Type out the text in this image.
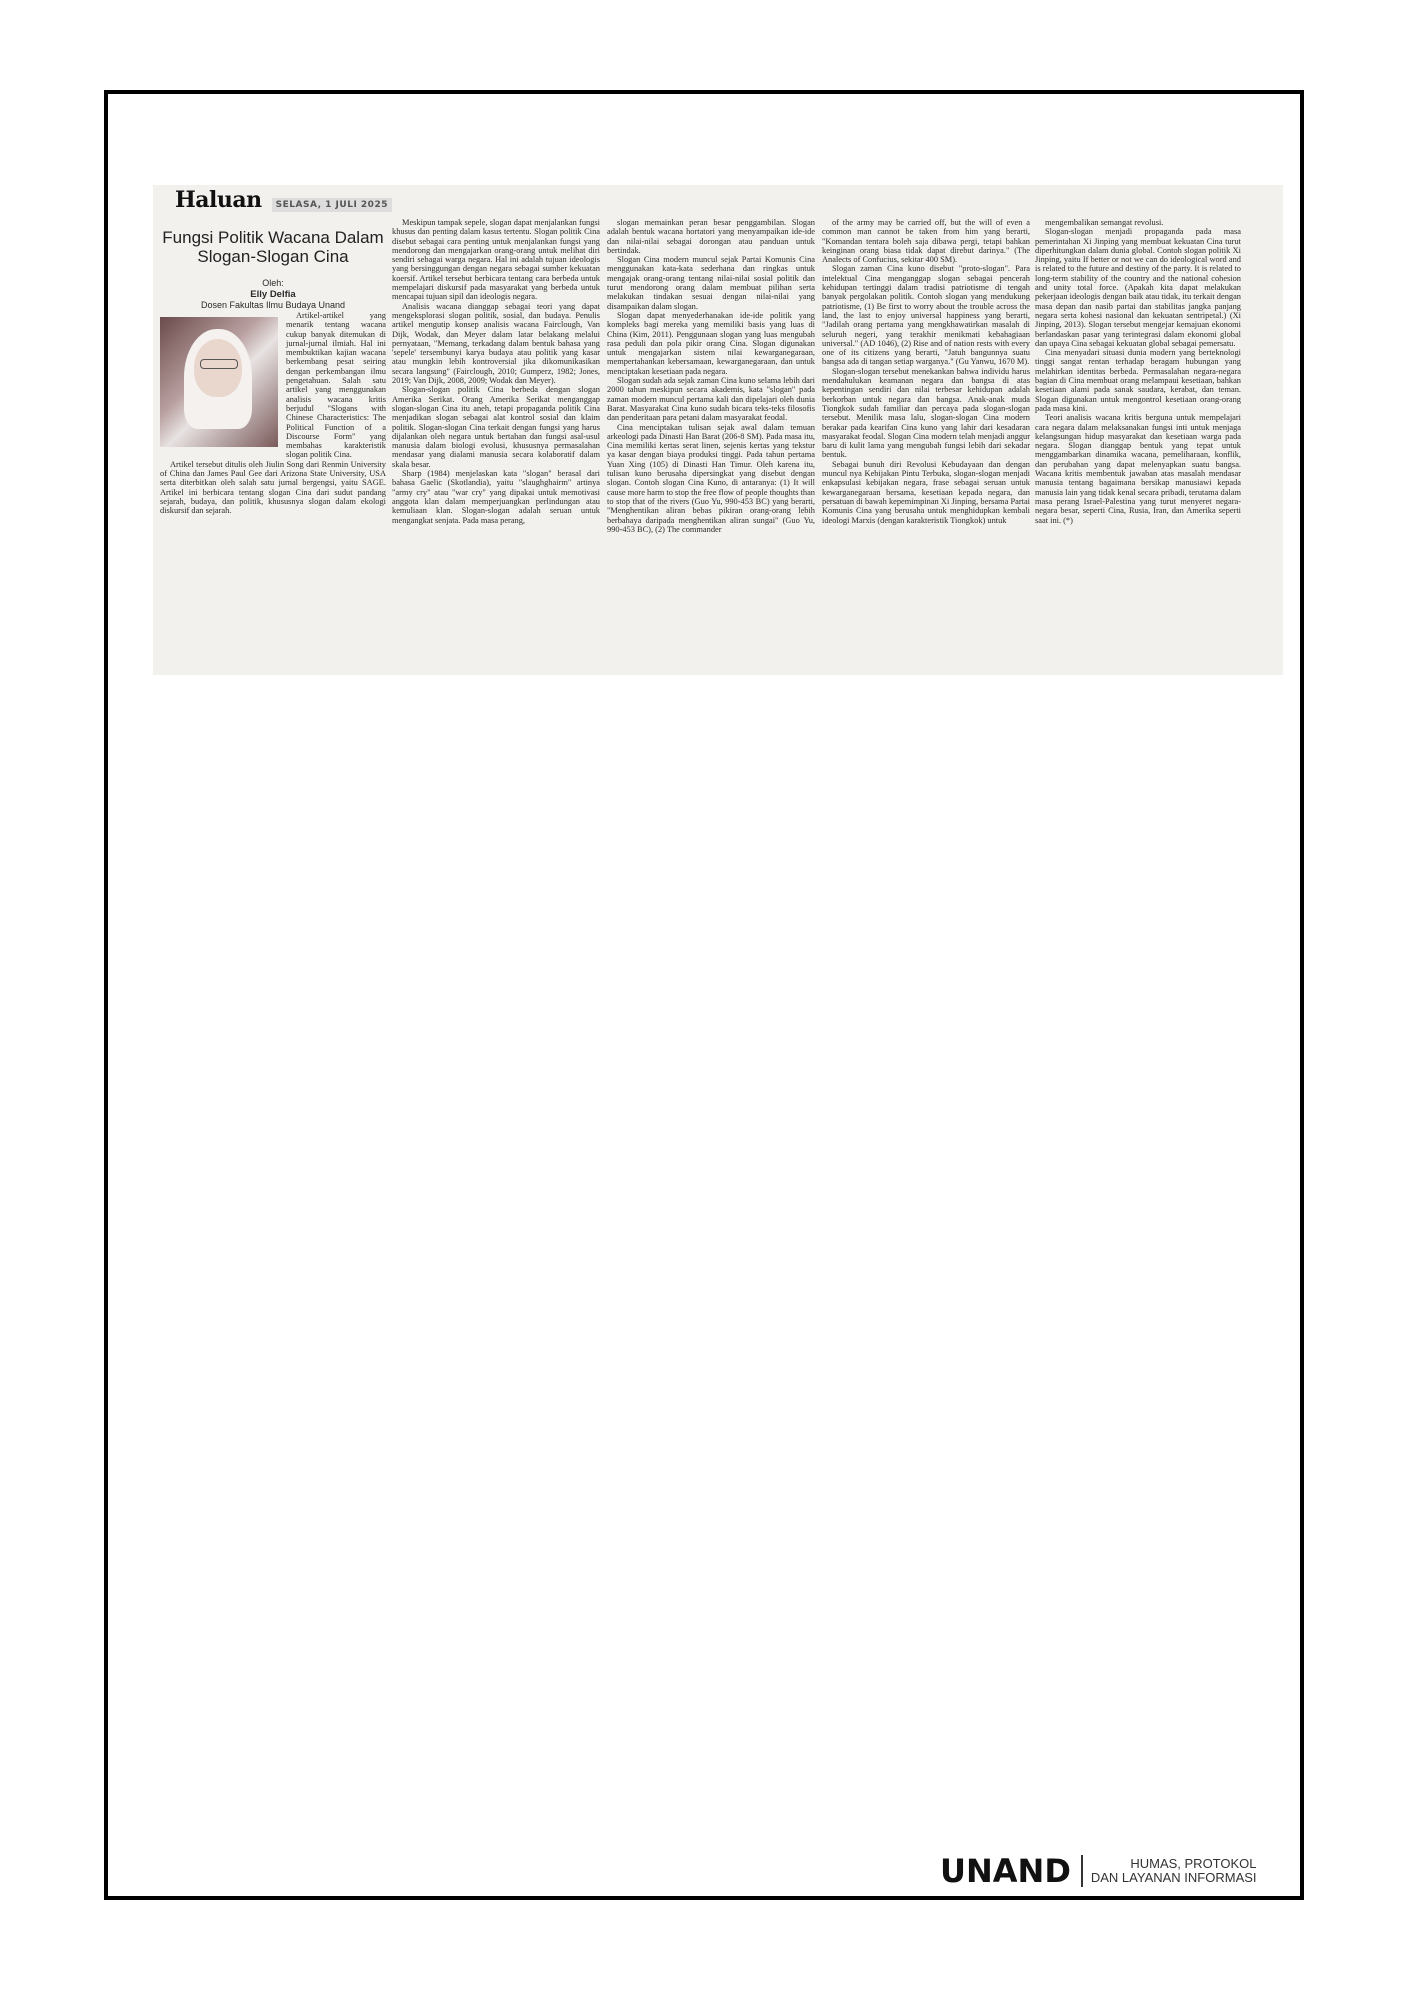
Haluan	SELASA, 1 JULI 2025
Fungsi Politik Wacana Dalam Slogan-Slogan Cina
Oleh:
Elly Delfia
Dosen Fakultas Ilmu Budaya Unand

Artikel-artikel yang menarik tentang wacana cukup banyak ditemukan di jurnal-jurnal ilmiah. Hal ini membuktikan kajian wacana berkembang pesat seiring dengan perkembangan ilmu pengetahuan. Salah satu artikel yang menggunakan analisis wacana kritis berjudul "Slogans with Chinese Characteristics: The Political Function of a Discourse Form" yang membahas karakteristik slogan politik Cina.

Artikel tersebut ditulis oleh Jiulin Song dari Renmin University of China dan James Paul Gee dari Arizona State University, USA serta diterbitkan oleh salah satu jurnal bergengsi, yaitu SAGE. Artikel ini berbicara tentang slogan Cina dari sudut pandang sejarah, budaya, dan politik, khususnya slogan dalam ekologi diskursif dan sejarah.

Meskipun tampak sepele, slogan dapat menjalankan fungsi khusus dan penting dalam kasus tertentu. Slogan politik Cina disebut sebagai cara penting untuk menjalankan fungsi yang mendorong dan mengajarkan orang-orang untuk melihat diri sendiri sebagai warga negara. Hal ini adalah tujuan ideologis yang bersinggungan dengan negara sebagai sumber kekuatan koersif. Artikel tersebut berbicara tentang cara berbeda untuk mempelajari diskursif pada masyarakat yang berbeda untuk mencapai tujuan sipil dan ideologis negara.

Analisis wacana dianggap sebagai teori yang dapat mengeksplorasi slogan politik, sosial, dan budaya. Penulis artikel mengutip konsep analisis wacana Fairclough, Van Dijk, Wodak, dan Meyer dalam latar belakang melalui pernyataan, "Memang, terkadang dalam bentuk bahasa yang 'sepele' tersembunyi karya budaya atau politik yang kasar atau mungkin lebih kontroversial jika dikomunikasikan secara langsung" (Fairclough, 2010; Gumperz, 1982; Jones, 2019; Van Dijk, 2008, 2009; Wodak dan Meyer).

Slogan-slogan politik Cina berbeda dengan slogan Amerika Serikat. Orang Amerika Serikat menganggap slogan-slogan Cina itu aneh, tetapi propaganda politik Cina menjadikan slogan sebagai alat kontrol sosial dan klaim politik. Slogan-slogan Cina terkait dengan fungsi yang harus dijalankan oleh negara untuk bertahan dan fungsi asal-usul manusia dalam biologi evolusi, khususnya permasalahan mendasar yang dialami manusia secara kolaboratif dalam skala besar.

Sharp (1984) menjelaskan kata "slogan" berasal dari bahasa Gaelic (Skotlandia), yaitu "slaughghairm" artinya "army cry" atau "war cry" yang dipakai untuk memotivasi anggota klan dalam memperjuangkan perlindungan atau kemuliaan klan. Slogan-slogan adalah seruan untuk mengangkat senjata. Pada masa perang,

slogan memainkan peran besar penggambilan. Slogan adalah bentuk wacana hortatori yang menyampaikan ide-ide dan nilai-nilai sebagai dorongan atau panduan untuk bertindak.

Slogan Cina modern muncul sejak Partai Komunis Cina menggunakan kata-kata sederhana dan ringkas untuk mengajak orang-orang tentang nilai-nilai sosial politik dan turut mendorong orang dalam membuat pilihan serta melakukan tindakan sesuai dengan nilai-nilai yang disampaikan dalam slogan.

Slogan dapat menyederhanakan ide-ide politik yang kompleks bagi mereka yang memiliki basis yang luas di China (Kim, 2011). Penggunaan slogan yang luas mengubah rasa peduli dan pola pikir orang Cina. Slogan digunakan untuk mengajarkan sistem nilai kewarganegaraan, mempertahankan kebersamaan, kewarganegaraan, dan untuk menciptakan kesetiaan pada negara.

Slogan sudah ada sejak zaman Cina kuno selama lebih dari 2000 tahun meskipun secara akademis, kata "slogan" pada zaman modern muncul pertama kali dan dipelajari oleh dunia Barat. Masyarakat Cina kuno sudah bicara teks-teks filosofis dan penderitaan para petani dalam masyarakat feodal.

Cina menciptakan tulisan sejak awal dalam temuan arkeologi pada Dinasti Han Barat (206-8 SM). Pada masa itu, Cina memiliki kertas serat linen, sejenis kertas yang tekstur ya kasar dengan biaya produksi tinggi. Pada tahun pertama Yuan Xing (105) di Dinasti Han Timur. Oleh karena itu, tulisan kuno berusaha dipersingkat yang disebut dengan slogan. Contoh slogan Cina Kuno, di antaranya: (1) It will cause more harm to stop the free flow of people thoughts than to stop that of the rivers (Guo Yu, 990-453 BC) yang berarti, "Menghentikan aliran bebas pikiran orang-orang lebih berbahaya daripada menghentikan aliran sungai" (Guo Yu, 990-453 BC), (2) The commander

of the army may be carried off, but the will of even a common man cannot be taken from him yang berarti, "Komandan tentara boleh saja dibawa pergi, tetapi bahkan keinginan orang biasa tidak dapat direbut darinya." (The Analects of Confucius, sekitar 400 SM).

Slogan zaman Cina kuno disebut "proto-slogan". Para intelektual Cina menganggap slogan sebagai pencerah kehidupan tertinggi dalam tradisi patriotisme di tengah banyak pergolakan politik. Contoh slogan yang mendukung patriotisme, (1) Be first to worry about the trouble across the land, the last to enjoy universal happiness yang berarti, "Jadilah orang pertama yang mengkhawatirkan masalah di seluruh negeri, yang terakhir menikmati kebahagiaan universal." (AD 1046), (2) Rise and of nation rests with every one of its citizens yang berarti, "Jatuh bangunnya suatu bangsa ada di tangan setiap warganya." (Gu Yanwu, 1670 M).

Slogan-slogan tersebut menekankan bahwa individu harus mendahulukan keamanan negara dan bangsa di atas kepentingan sendiri dan nilai terbesar kehidupan adalah berkorban untuk negara dan bangsa. Anak-anak muda Tiongkok sudah familiar dan percaya pada slogan-slogan tersebut. Menilik masa lalu, slogan-slogan Cina modern berakar pada kearifan Cina kuno yang lahir dari kesadaran masyarakat feodal. Slogan Cina modern telah menjadi anggur baru di kulit lama yang mengubah fungsi lebih dari sekadar bentuk.

Sebagai bunuh diri Revolusi Kebudayaan dan dengan muncul nya Kebijakan Pintu Terbuka, slogan-slogan menjadi enkapsulasi kebijakan negara, frase sebagai seruan untuk kewarganegaraan bersama, kesetiaan kepada negara, dan persatuan di bawah kepemimpinan Xi Jinping, bersama Partai Komunis Cina yang berusaha untuk menghidupkan kembali ideologi Marxis (dengan karakteristik Tiongkok) untuk

mengembalikan semangat revolusi.

Slogan-slogan menjadi propaganda pada masa pemerintahan Xi Jinping yang membuat kekuatan Cina turut diperhitungkan dalam dunia global. Contoh slogan politik Xi Jinping, yaitu If better or not we can do ideological word and is related to the future and destiny of the party. It is related to long-term stability of the country and the national cohesion and unity total force. (Apakah kita dapat melakukan pekerjaan ideologis dengan baik atau tidak, itu terkait dengan masa depan dan nasib partai dan stabilitas jangka panjang negara serta kohesi nasional dan kekuatan sentripetal.) (Xi Jinping, 2013). Slogan tersebut mengejar kemajuan ekonomi berlandaskan pasar yang terintegrasi dalam ekonomi global dan upaya Cina sebagai kekuatan global sebagai pemersatu.

Cina menyadari situasi dunia modern yang berteknologi tinggi sangat rentan terhadap beragam hubungan yang melahirkan identitas berbeda. Permasalahan negara-negara bagian di Cina membuat orang melampaui kesetiaan, bahkan kesetiaan alami pada sanak saudara, kerabat, dan teman. Slogan digunakan untuk mengontrol kesetiaan orang-orang pada masa kini.

Teori analisis wacana kritis berguna untuk mempelajari cara negara dalam melaksanakan fungsi inti untuk menjaga kelangsungan hidup masyarakat dan kesetiaan warga pada negara. Slogan dianggap bentuk yang tepat untuk menggambarkan dinamika wacana, pemeliharaan, konflik, dan perubahan yang dapat melenyapkan suatu bangsa. Wacana kritis membentuk jawaban atas masalah mendasar manusia tentang bagaimana bersikap manusiawi kepada manusia lain yang tidak kenal secara pribadi, terutama dalam masa perang Israel-Palestina yang turut menyeret negara-negara besar, seperti Cina, Rusia, Iran, dan Amerika seperti saat ini. (*)

UNAND	HUMAS, PROTOKOL
DAN LAYANAN INFORMASI
